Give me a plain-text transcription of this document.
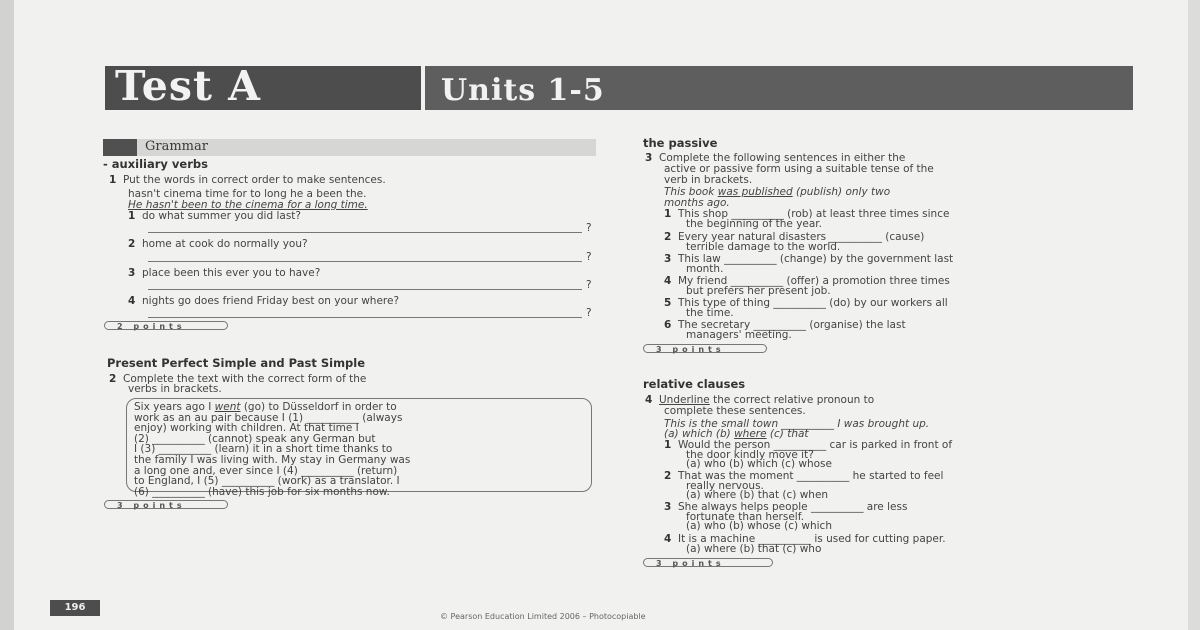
Test A	Units 1-5
Grammar
- auxiliary verbs
1 Put the words in correct order to make sentences.
hasn't cinema time for to long he a been the.
He hasn't been to the cinema for a long time.
1 do what summer you did last?
?
2 home at cook do normally you?
?
3 place been this ever you to have?
?
4 nights go does friend Friday best on your where?
?
2 points
Present Perfect Simple and Past Simple
2 Complete the text with the correct form of the
verbs in brackets.
Six years ago I went (go) to Düsseldorf in order to
work as an au pair because I (1) __________ (always
enjoy) working with children. At that time I
(2) __________ (cannot) speak any German but
I (3) __________ (learn) it in a short time thanks to
the family I was living with. My stay in Germany was
a long one and, ever since I (4) __________ (return)
to England, I (5) __________ (work) as a translator. I
(6) __________ (have) this job for six months now.
3 points
the passive
3 Complete the following sentences in either the
active or passive form using a suitable tense of the
verb in brackets.
This book was published (publish) only two
months ago.
1 This shop __________ (rob) at least three times since
the beginning of the year.
2 Every year natural disasters __________ (cause)
terrible damage to the world.
3 This law __________ (change) by the government last
month.
4 My friend __________ (offer) a promotion three times
but prefers her present job.
5 This type of thing __________ (do) by our workers all
the time.
6 The secretary __________ (organise) the last
managers' meeting.
3 points
relative clauses
4 Underline the correct relative pronoun to
complete these sentences.
This is the small town __________ I was brought up.
(a) which (b) where (c) that
1 Would the person __________ car is parked in front of
the door kindly move it?
(a) who (b) which (c) whose
2 That was the moment __________ he started to feel
really nervous.
(a) where (b) that (c) when
3 She always helps people __________ are less
fortunate than herself.
(a) who (b) whose (c) which
4 It is a machine __________ is used for cutting paper.
(a) where (b) that (c) who
3 points
196
© Pearson Education Limited 2006 – Photocopiable
